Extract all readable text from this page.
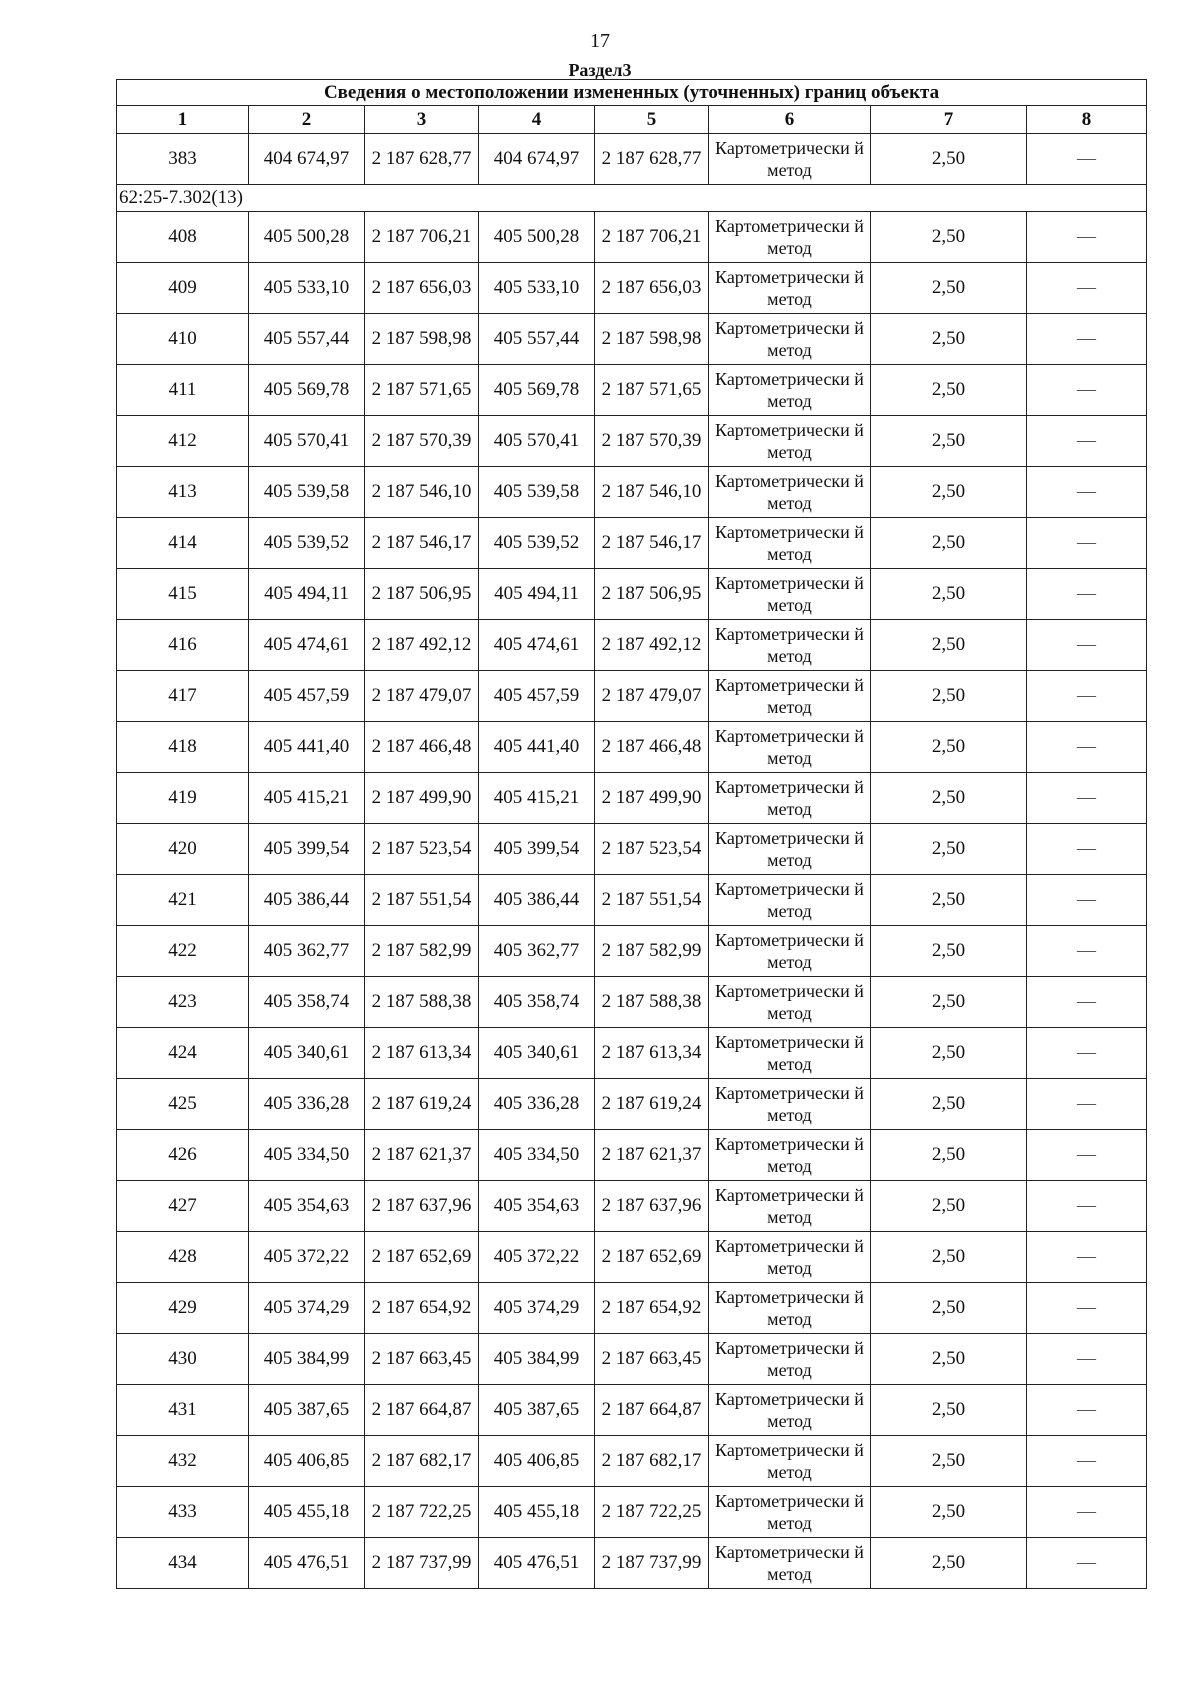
17
Раздел3
Сведения о местоположении измененных (уточненных) границ объекта							
1	2	3	4	5	6	7	8
383	404 674,97	2 187 628,77	404 674,97	2 187 628,77	Картометрически й метод	2,50	—
62:25-7.302(13)							
408	405 500,28	2 187 706,21	405 500,28	2 187 706,21	Картометрически й метод	2,50	—
409	405 533,10	2 187 656,03	405 533,10	2 187 656,03	Картометрически й метод	2,50	—
410	405 557,44	2 187 598,98	405 557,44	2 187 598,98	Картометрически й метод	2,50	—
411	405 569,78	2 187 571,65	405 569,78	2 187 571,65	Картометрически й метод	2,50	—
412	405 570,41	2 187 570,39	405 570,41	2 187 570,39	Картометрически й метод	2,50	—
413	405 539,58	2 187 546,10	405 539,58	2 187 546,10	Картометрически й метод	2,50	—
414	405 539,52	2 187 546,17	405 539,52	2 187 546,17	Картометрически й метод	2,50	—
415	405 494,11	2 187 506,95	405 494,11	2 187 506,95	Картометрически й метод	2,50	—
416	405 474,61	2 187 492,12	405 474,61	2 187 492,12	Картометрически й метод	2,50	—
417	405 457,59	2 187 479,07	405 457,59	2 187 479,07	Картометрически й метод	2,50	—
418	405 441,40	2 187 466,48	405 441,40	2 187 466,48	Картометрически й метод	2,50	—
419	405 415,21	2 187 499,90	405 415,21	2 187 499,90	Картометрически й метод	2,50	—
420	405 399,54	2 187 523,54	405 399,54	2 187 523,54	Картометрически й метод	2,50	—
421	405 386,44	2 187 551,54	405 386,44	2 187 551,54	Картометрически й метод	2,50	—
422	405 362,77	2 187 582,99	405 362,77	2 187 582,99	Картометрически й метод	2,50	—
423	405 358,74	2 187 588,38	405 358,74	2 187 588,38	Картометрически й метод	2,50	—
424	405 340,61	2 187 613,34	405 340,61	2 187 613,34	Картометрически й метод	2,50	—
425	405 336,28	2 187 619,24	405 336,28	2 187 619,24	Картометрически й метод	2,50	—
426	405 334,50	2 187 621,37	405 334,50	2 187 621,37	Картометрически й метод	2,50	—
427	405 354,63	2 187 637,96	405 354,63	2 187 637,96	Картометрически й метод	2,50	—
428	405 372,22	2 187 652,69	405 372,22	2 187 652,69	Картометрически й метод	2,50	—
429	405 374,29	2 187 654,92	405 374,29	2 187 654,92	Картометрически й метод	2,50	—
430	405 384,99	2 187 663,45	405 384,99	2 187 663,45	Картометрически й метод	2,50	—
431	405 387,65	2 187 664,87	405 387,65	2 187 664,87	Картометрически й метод	2,50	—
432	405 406,85	2 187 682,17	405 406,85	2 187 682,17	Картометрически й метод	2,50	—
433	405 455,18	2 187 722,25	405 455,18	2 187 722,25	Картометрически й метод	2,50	—
434	405 476,51	2 187 737,99	405 476,51	2 187 737,99	Картометрически й метод	2,50	—
